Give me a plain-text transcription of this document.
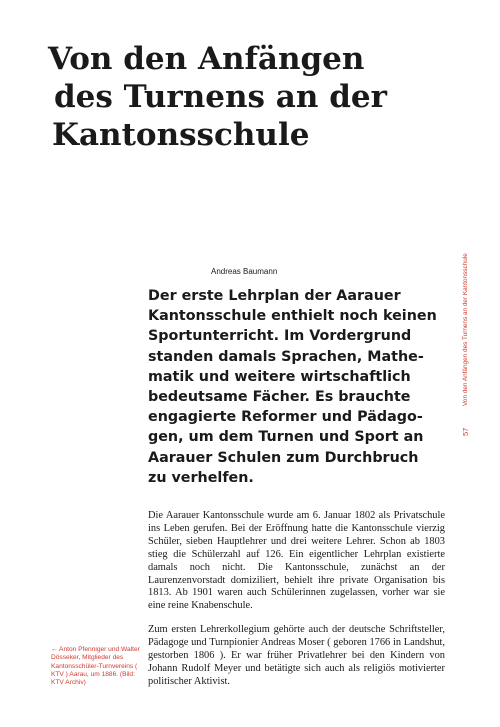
Von den Anfängen
des Turnens an der
Kantonsschule
Andreas Baumann

Der erste Lehrplan der Aarauer
Kantonsschule enthielt noch keinen
Sportunterricht. Im Vordergrund
standen damals Sprachen, Mathe-
matik und weitere wirtschaftlich
bedeutsame Fächer. Es brauchte
engagierte Reformer und Pädago-
gen, um dem Turnen und Sport an
Aarauer Schulen zum Durchbruch
zu verhelfen.

Die Aarauer Kantonsschule wurde am 6. Januar 1802 als Privatschule ins Leben gerufen. Bei der Eröffnung hatte die Kantonsschule vierzig Schüler, sieben Hauptlehrer und drei weitere Lehrer. Schon ab 1803 stieg die Schülerzahl auf 126. Ein eigentlicher Lehrplan existierte damals noch nicht. Die Kantonsschule, zunächst an der Laurenzenvorstadt domiziliert, behielt ihre private Organisation bis 1813. Ab 1901 waren auch Schülerinnen zugelassen, vorher war sie eine reine Knabenschule.

Zum ersten Lehrerkollegium gehörte auch der deutsche Schriftsteller, Pädagoge und Turnpionier Andreas Moser ( geboren 1766 in Landshut, gestorben 1806 ). Er war früher Privatlehrer bei den Kindern von Johann Rudolf Meyer und betätigte sich auch als religiös motivierter politischer Aktivist.

← Anton Pfenniger und Walter Dösseker, Mitglieder des Kantonsschüler-Turnvereins ( KTV ) Aarau, um 1886. (Bild: KTV Archiv)
Von den Anfängen des Turnens an der Kantonsschule
57
